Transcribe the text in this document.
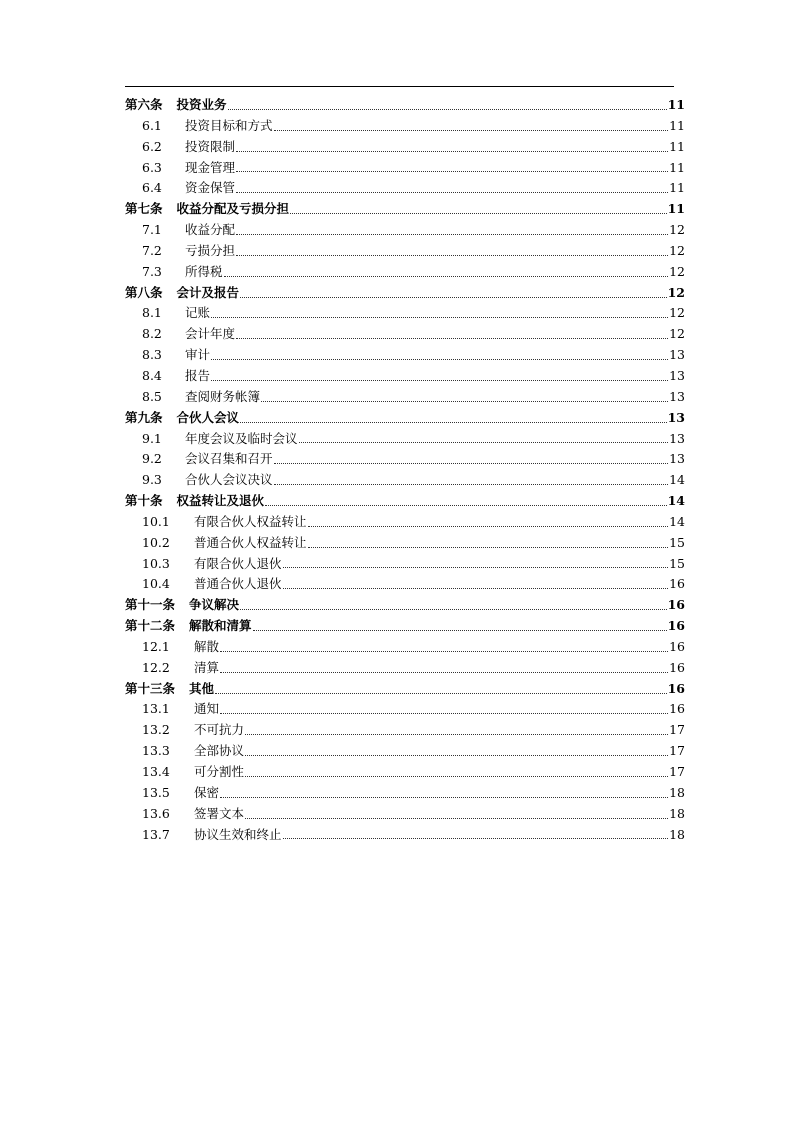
第六条 投资业务	11
6.1	投资目标和方式	11
6.2	投资限制	11
6.3	现金管理	11
6.4	资金保管	11
第七条 收益分配及亏损分担	11
7.1	收益分配	12
7.2	亏损分担	12
7.3	所得税	12
第八条 会计及报告	12
8.1	记账	12
8.2	会计年度	12
8.3	审计	13
8.4	报告	13
8.5	查阅财务帐簿	13
第九条 合伙人会议	13
9.1	年度会议及临时会议	13
9.2	会议召集和召开	13
9.3	合伙人会议决议	14
第十条 权益转让及退伙	14
10.1	有限合伙人权益转让	14
10.2	普通合伙人权益转让	15
10.3	有限合伙人退伙	15
10.4	普通合伙人退伙	16
第十一条 争议解决	16
第十二条 解散和清算	16
12.1	解散	16
12.2	清算	16
第十三条 其他	16
13.1	通知	16
13.2	不可抗力	17
13.3	全部协议	17
13.4	可分割性	17
13.5	保密	18
13.6	签署文本	18
13.7	协议生效和终止	18
